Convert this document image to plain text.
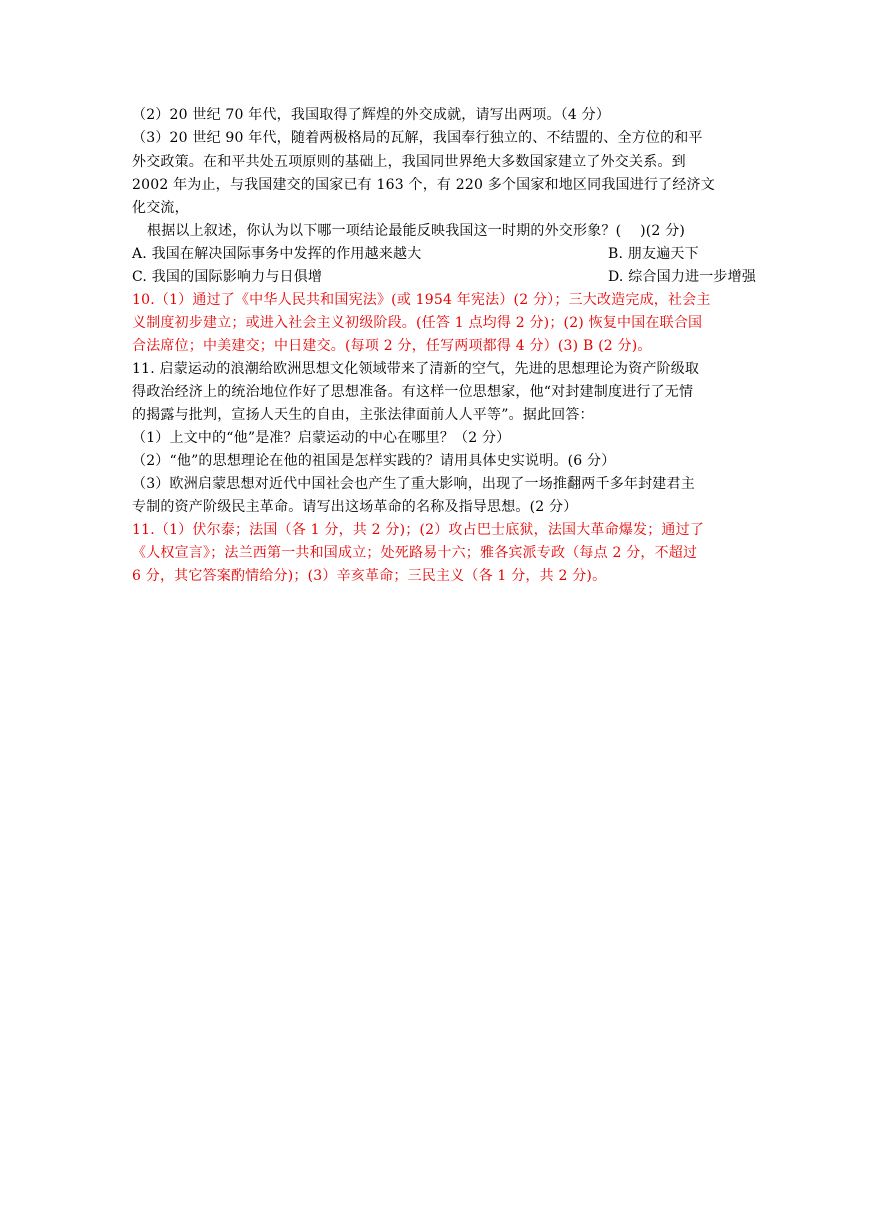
（2）20 世纪 70 年代，我国取得了辉煌的外交成就，请写出两项。（4 分）
（3）20 世纪 90 年代，随着两极格局的瓦解，我国奉行独立的、不结盟的、全方位的和平
外交政策。在和平共处五项原则的基础上，我国同世界绝大多数国家建立了外交关系。到
2002 年为止，与我国建交的国家已有 163 个，有 220 多个国家和地区同我国进行了经济文
化交流，
根据以上叙述，你认为以下哪一项结论最能反映我国这一时期的外交形象？(　 )(2 分)
A. 我国在解决国际事务中发挥的作用越来越大	B. 朋友遍天下
C. 我国的国际影响力与日俱增	D. 综合国力进一步增强
10.（1）通过了《中华人民共和国宪法》(或 1954 年宪法）(2 分）；三大改造完成，社会主
义制度初步建立；或进入社会主义初级阶段。(任答 1 点均得 2 分)；(2) 恢复中国在联合国
合法席位；中美建交；中日建交。(每项 2 分，任写两项都得 4 分）(3) B (2 分)。
11. 启蒙运动的浪潮给欧洲思想文化领域带来了清新的空气，先进的思想理论为资产阶级取
得政治经济上的统治地位作好了思想准备。有这样一位思想家，他“对封建制度进行了无情
的揭露与批判，宣扬人天生的自由，主张法律面前人人平等”。据此回答：
（1）上文中的“他”是准？启蒙运动的中心在哪里？（2 分）
（2）“他”的思想理论在他的祖国是怎样实践的？请用具体史实说明。(6 分）
（3）欧洲启蒙思想对近代中国社会也产生了重大影响，出现了一场推翻两千多年封建君主
专制的资产阶级民主革命。请写出这场革命的名称及指导思想。(2 分）
11.（1）伏尔泰；法国（各 1 分，共 2 分)；(2）攻占巴士底狱，法国大革命爆发；通过了
《人权宣言》；法兰西第一共和国成立；处死路易十六；雅各宾派专政（每点 2 分，不超过
6 分，其它答案酌情给分)；(3）辛亥革命；三民主义（各 1 分，共 2 分)。
